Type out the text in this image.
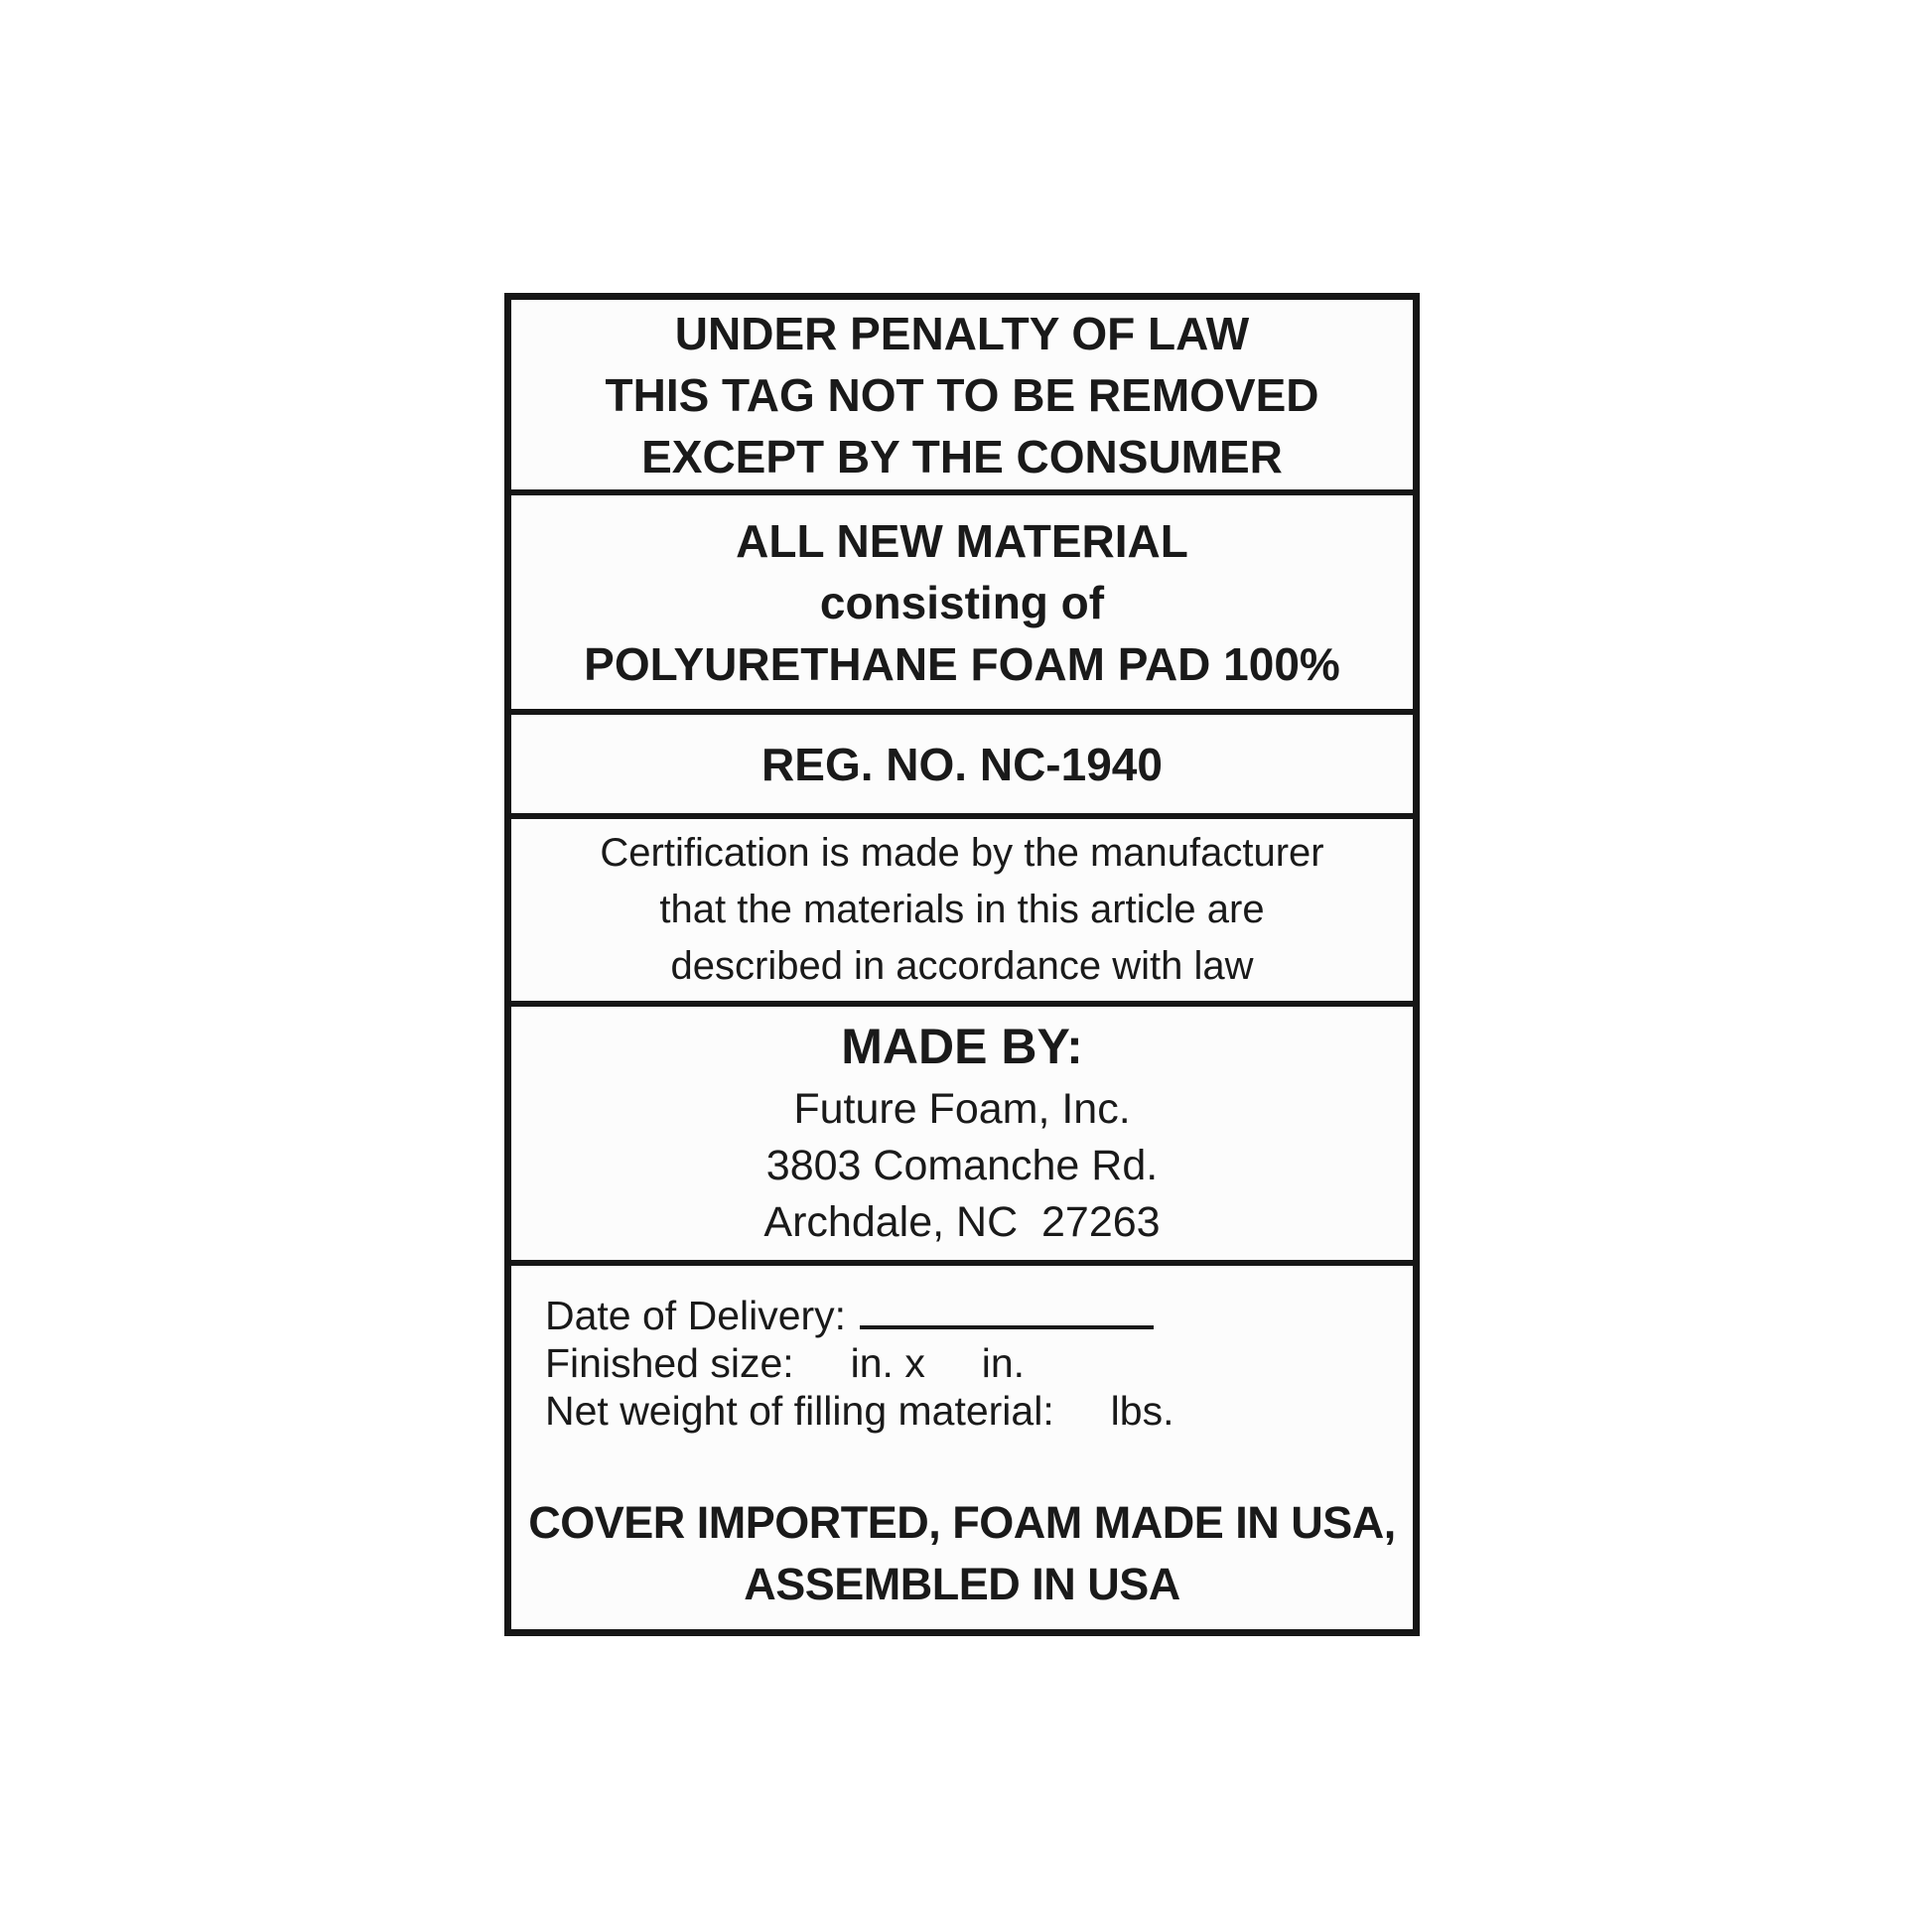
UNDER PENALTY OF LAW
THIS TAG NOT TO BE REMOVED
EXCEPT BY THE CONSUMER
ALL NEW MATERIAL
consisting of
POLYURETHANE FOAM PAD 100%
REG. NO. NC-1940
Certification is made by the manufacturer
that the materials in this article are
described in accordance with law
MADE BY:
Future Foam, Inc.
3803 Comanche Rd.
Archdale, NC  27263
Date of Delivery:
Finished size:     in. x     in.
Net weight of filling material:     lbs.
COVER IMPORTED, FOAM MADE IN USA,
ASSEMBLED IN USA
